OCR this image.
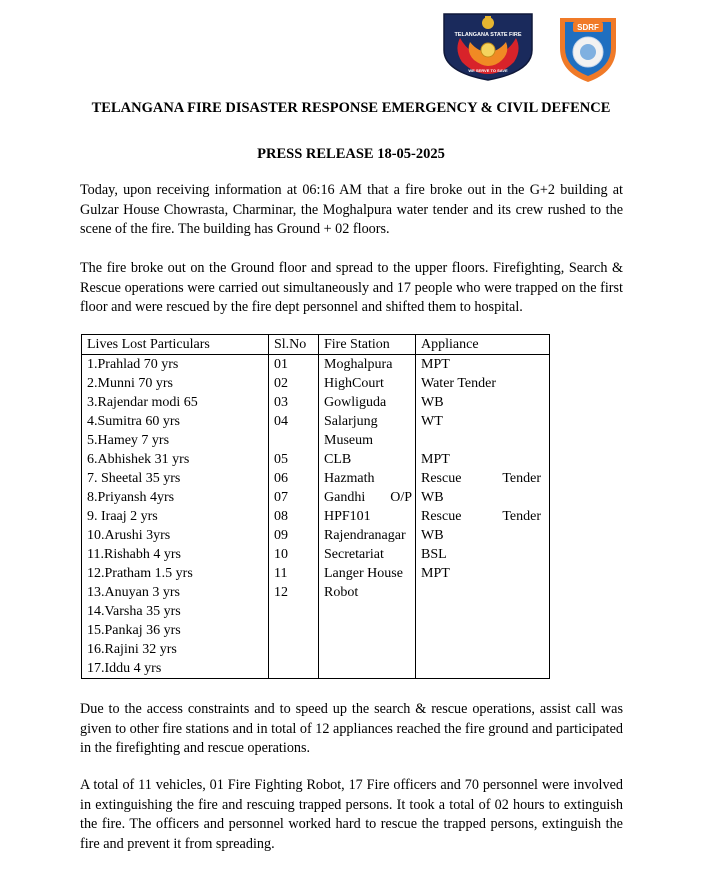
TELANGANA STATE FIRE
WE SERVE TO SAVE
SDRF
TELANGANA FIRE DISASTER RESPONSE EMERGENCY & CIVIL DEFENCE
PRESS RELEASE 18-05-2025

Today, upon receiving information at 06:16 AM that a fire broke out in the G+2 building at Gulzar House Chowrasta, Charminar, the Moghalpura water tender and its crew rushed to the scene of the fire. The building has Ground + 02 floors.

The fire broke out on the Ground floor and spread to the upper floors. Firefighting, Search & Rescue operations were carried out simultaneously and 17 people who were trapped on the first floor and were rescued by the fire dept personnel and shifted them to hospital.

Lives Lost Particulars	Sl.No	Fire Station	Appliance
1.Prahlad 70 yrs	01	Moghalpura	MPT
2.Munni 70 yrs	02	HighCourt	Water Tender
3.Rajendar modi 65	03	Gowliguda	WB
4.Sumitra 60 yrs	04	Salarjung	WT
5.Hamey 7 yrs		Museum	
6.Abhishek 31 yrs	05	CLB	MPT
7. Sheetal 35 yrs	06	Hazmath	Rescue Tender

8.Priyansh 4yrs	07	Gandhi O/P	WB
9. Iraaj 2 yrs	08	HPF101	Rescue Tender

10.Arushi 3yrs	09	Rajendranagar	WB
11.Rishabh 4 yrs	10	Secretariat	BSL
12.Pratham 1.5 yrs	11	Langer House	MPT
13.Anuyan 3 yrs	12	Robot	
14.Varsha 35 yrs			
15.Pankaj 36 yrs			
16.Rajini 32 yrs			
17.Iddu 4 yrs			

Due to the access constraints and to speed up the search & rescue operations, assist call was given to other fire stations and in total of 12 appliances reached the fire ground and participated in the firefighting and rescue operations.

A total of 11 vehicles, 01 Fire Fighting Robot, 17 Fire officers and 70 personnel were involved in extinguishing the fire and rescuing trapped persons. It took a total of 02 hours to extinguish the fire. The officers and personnel worked hard to rescue the trapped persons, extinguish the fire and prevent it from spreading.
